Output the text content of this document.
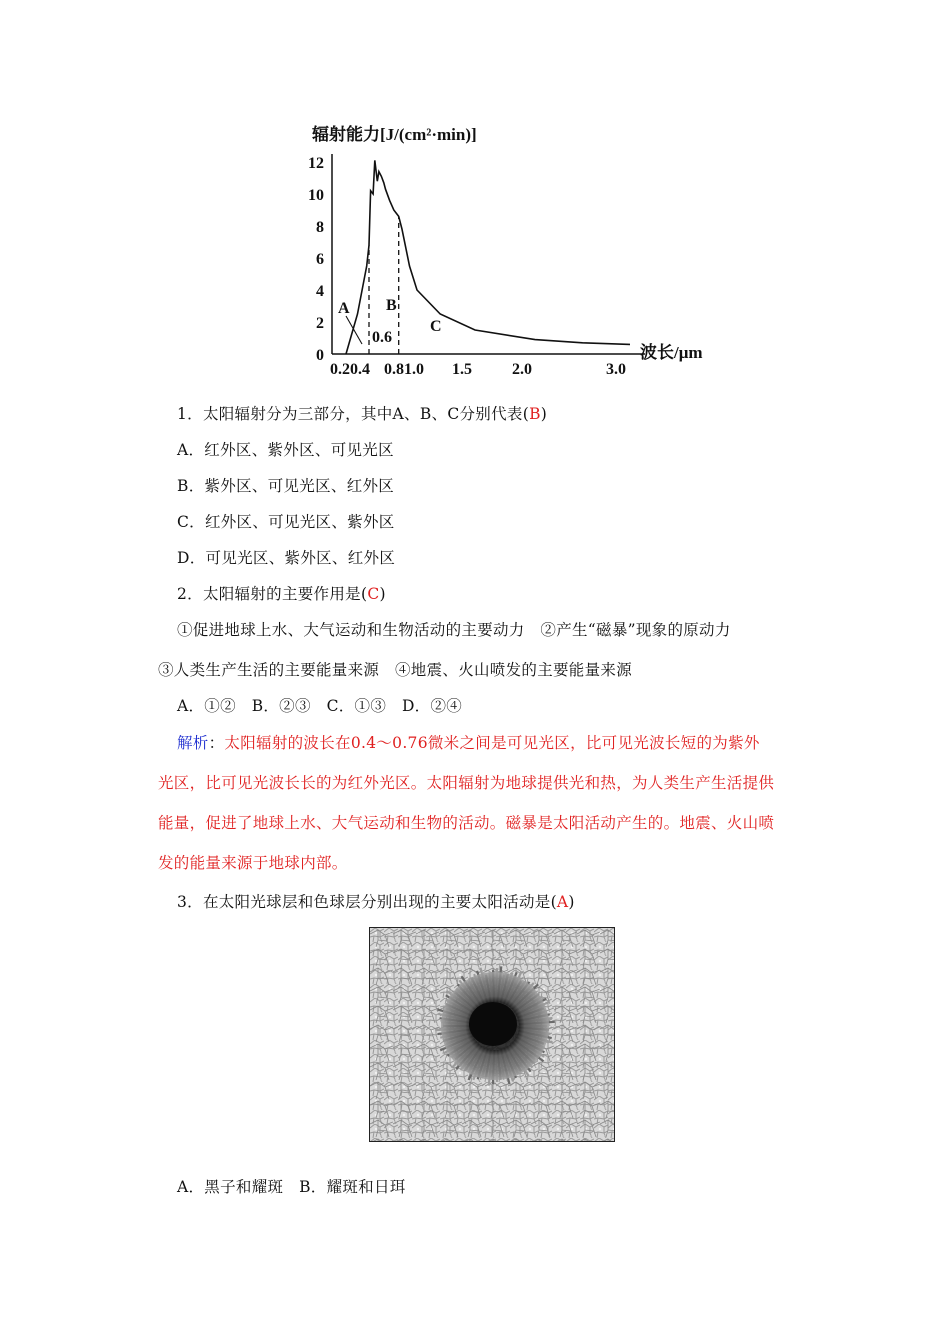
辐射能力[J/(cm²·min)]
12
10
8
6
4
2
0
0.2 0.4 0.8 1.0 1.5	2.0	3.0
波长/μm
A B
C
0.6
1．太阳辐射分为三部分，其中A、B、C分别代表(B)
A．红外区、紫外区、可见光区
B．紫外区、可见光区、红外区
C．红外区、可见光区、紫外区
D．可见光区、紫外区、红外区
2．太阳辐射的主要作用是(C)
①促进地球上水、大气运动和生物活动的主要动力　②产生“磁暴”现象的原动力
③人类生产生活的主要能量来源　④地震、火山喷发的主要能量来源
A．①②　B．②③　C．①③　D．②④
解析：太阳辐射的波长在0.4～0.76微米之间是可见光区，比可见光波长短的为紫外
光区，比可见光波长长的为红外光区。太阳辐射为地球提供光和热，为人类生产生活提供
能量，促进了地球上水、大气运动和生物的活动。磁暴是太阳活动产生的。地震、火山喷
发的能量来源于地球内部。
3．在太阳光球层和色球层分别出现的主要太阳活动是(A)
A．黑子和耀斑　B．耀斑和日珥
